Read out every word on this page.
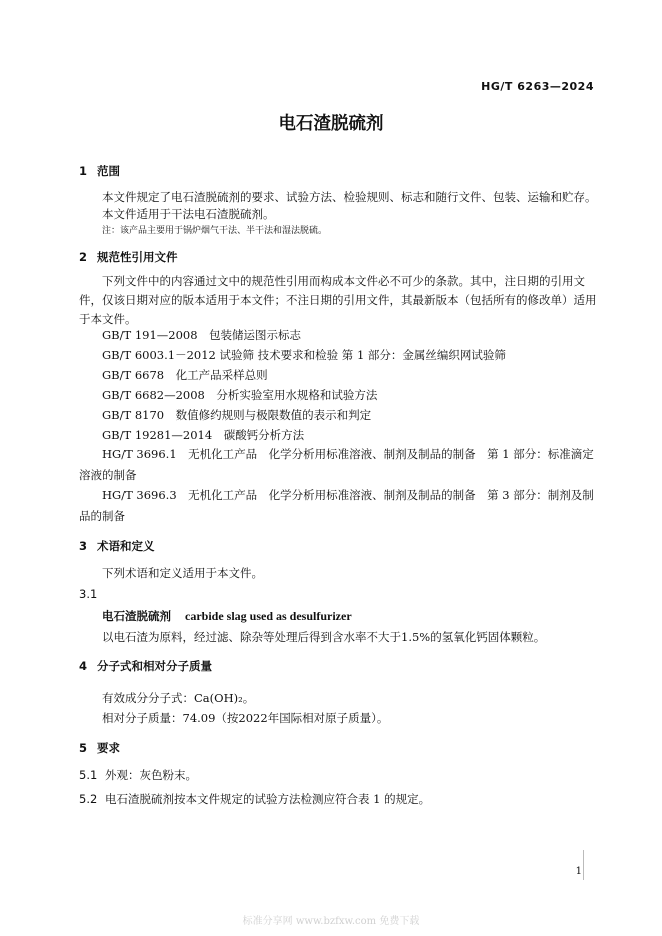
HG/T 6263—2024
电石渣脱硫剂
1 范围
本文件规定了电石渣脱硫剂的要求、试验方法、检验规则、标志和随行文件、包装、运输和贮存。
本文件适用于干法电石渣脱硫剂。
注：该产品主要用于锅炉烟气干法、半干法和湿法脱硫。
2 规范性引用文件
下列文件中的内容通过文中的规范性引用而构成本文件必不可少的条款。其中，注日期的引用文件，仅该日期对应的版本适用于本文件；不注日期的引用文件，其最新版本（包括所有的修改单）适用于本文件。
GB/T 191—2008　包装储运图示标志
GB/T 6003.1－2012 试验筛 技术要求和检验 第 1 部分：金属丝编织网试验筛
GB/T 6678　化工产品采样总则
GB/T 6682—2008　分析实验室用水规格和试验方法
GB/T 8170　数值修约规则与极限数值的表示和判定
GB/T 19281—2014　碳酸钙分析方法
HG/T 3696.1　无机化工产品　化学分析用标准溶液、制剂及制品的制备　第 1 部分：标准滴定溶液的制备
HG/T 3696.3　无机化工产品　化学分析用标准溶液、制剂及制品的制备　第 3 部分：制剂及制品的制备
3 术语和定义
下列术语和定义适用于本文件。
3.1
电石渣脱硫剂 carbide slag used as desulfurizer
以电石渣为原料，经过滤、除杂等处理后得到含水率不大于1.5%的氢氧化钙固体颗粒。
4 分子式和相对分子质量
有效成分分子式：Ca(OH)₂。
相对分子质量：74.09（按2022年国际相对原子质量）。
5 要求
5.1 外观：灰色粉末。
5.2 电石渣脱硫剂按本文件规定的试验方法检测应符合表 1 的规定。
1
标准分享网 www.bzfxw.com 免费下载
